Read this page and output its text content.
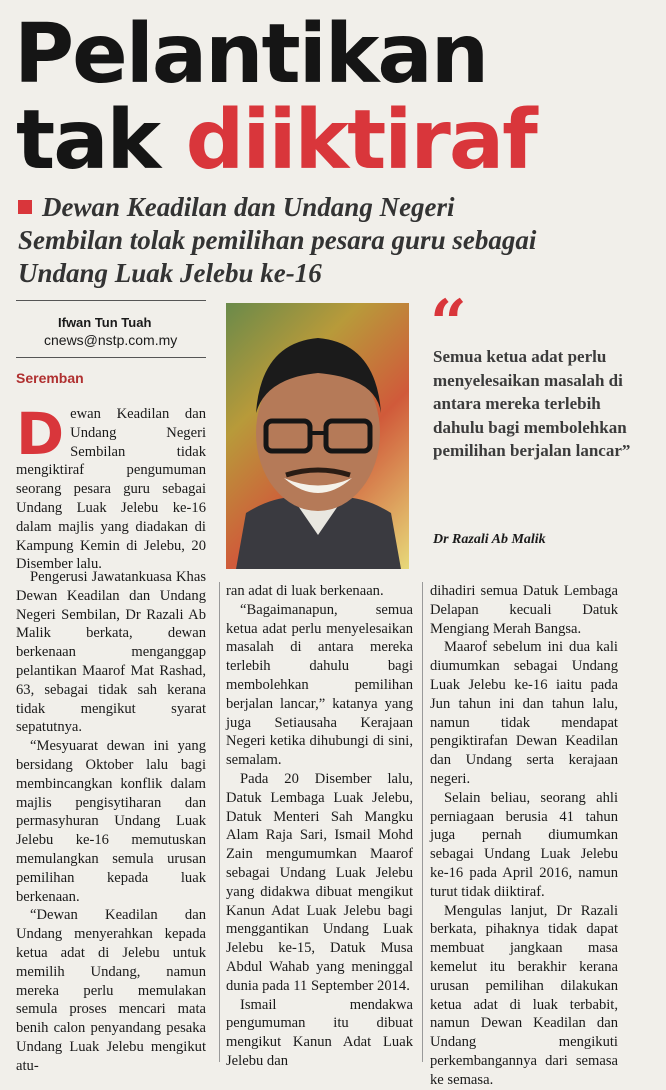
Pelantikan
tak diiktiraf
Dewan Keadilan dan Undang Negeri Sembilan tolak pemilihan pesara guru sebagai Undang Luak Jelebu ke-16
Ifwan Tun Tuah
cnews@nstp.com.my
Seremban
“
Semua ketua adat perlu menyelesaikan masalah di antara mereka terlebih dahulu bagi membolehkan pemilihan berjalan lancar”
Dr Razali Ab Malik
D ewan Keadilan dan Undang Negeri Sembilan tidak mengiktiraf pengumuman seorang pesara guru sebagai Undang Luak Jelebu ke-16 dalam majlis yang diadakan di Kampung Kemin di Jelebu, 20 Disember lalu.

Pengerusi Jawatankuasa Khas Dewan Keadilan dan Undang Negeri Sembilan, Dr Razali Ab Malik berkata, dewan berkenaan menganggap pelantikan Maarof Mat Rashad, 63, sebagai tidak sah kerana tidak mengikut syarat sepatutnya.

“Mesyuarat dewan ini yang bersidang Oktober lalu bagi membincangkan konflik dalam majlis pengisytiharan dan permasyhuran Undang Luak Jelebu ke-16 memutuskan memulangkan semula urusan pemilihan kepada luak berkenaan.

“Dewan Keadilan dan Undang menyerahkan kepada ketua adat di Jelebu untuk memilih Undang, namun mereka perlu memulakan semula proses mencari mata benih calon penyandang pesaka Undang Luak Jelebu mengikut atu-

ran adat di luak berkenaan.

“Bagaimanapun, semua ketua adat perlu menyelesaikan masalah di antara mereka terlebih dahulu bagi membolehkan pemilihan berjalan lancar,” katanya yang juga Setiausaha Kerajaan Negeri ketika dihubungi di sini, semalam.

Pada 20 Disember lalu, Datuk Lembaga Luak Jelebu, Datuk Menteri Sah Mangku Alam Raja Sari, Ismail Mohd Zain mengumumkan Maarof sebagai Undang Luak Jelebu yang didakwa dibuat mengikut Kanun Adat Luak Jelebu bagi menggantikan Undang Luak Jelebu ke-15, Datuk Musa Abdul Wahab yang meninggal dunia pada 11 September 2014.

Ismail mendakwa pengumuman itu dibuat mengikut Kanun Adat Luak Jelebu dan

dihadiri semua Datuk Lembaga Delapan kecuali Datuk Mengiang Merah Bangsa.

Maarof sebelum ini dua kali diumumkan sebagai Undang Luak Jelebu ke-16 iaitu pada Jun tahun ini dan tahun lalu, namun tidak mendapat pengiktirafan Dewan Keadilan dan Undang serta kerajaan negeri.

Selain beliau, seorang ahli perniagaan berusia 41 tahun juga pernah diumumkan sebagai Undang Luak Jelebu ke-16 pada April 2016, namun turut tidak diiktiraf.

Mengulas lanjut, Dr Razali berkata, pihaknya tidak dapat membuat jangkaan masa kemelut itu berakhir kerana urusan pemilihan dilakukan ketua adat di luak terbabit, namun Dewan Keadilan dan Undang mengikuti perkembangannya dari semasa ke semasa.
